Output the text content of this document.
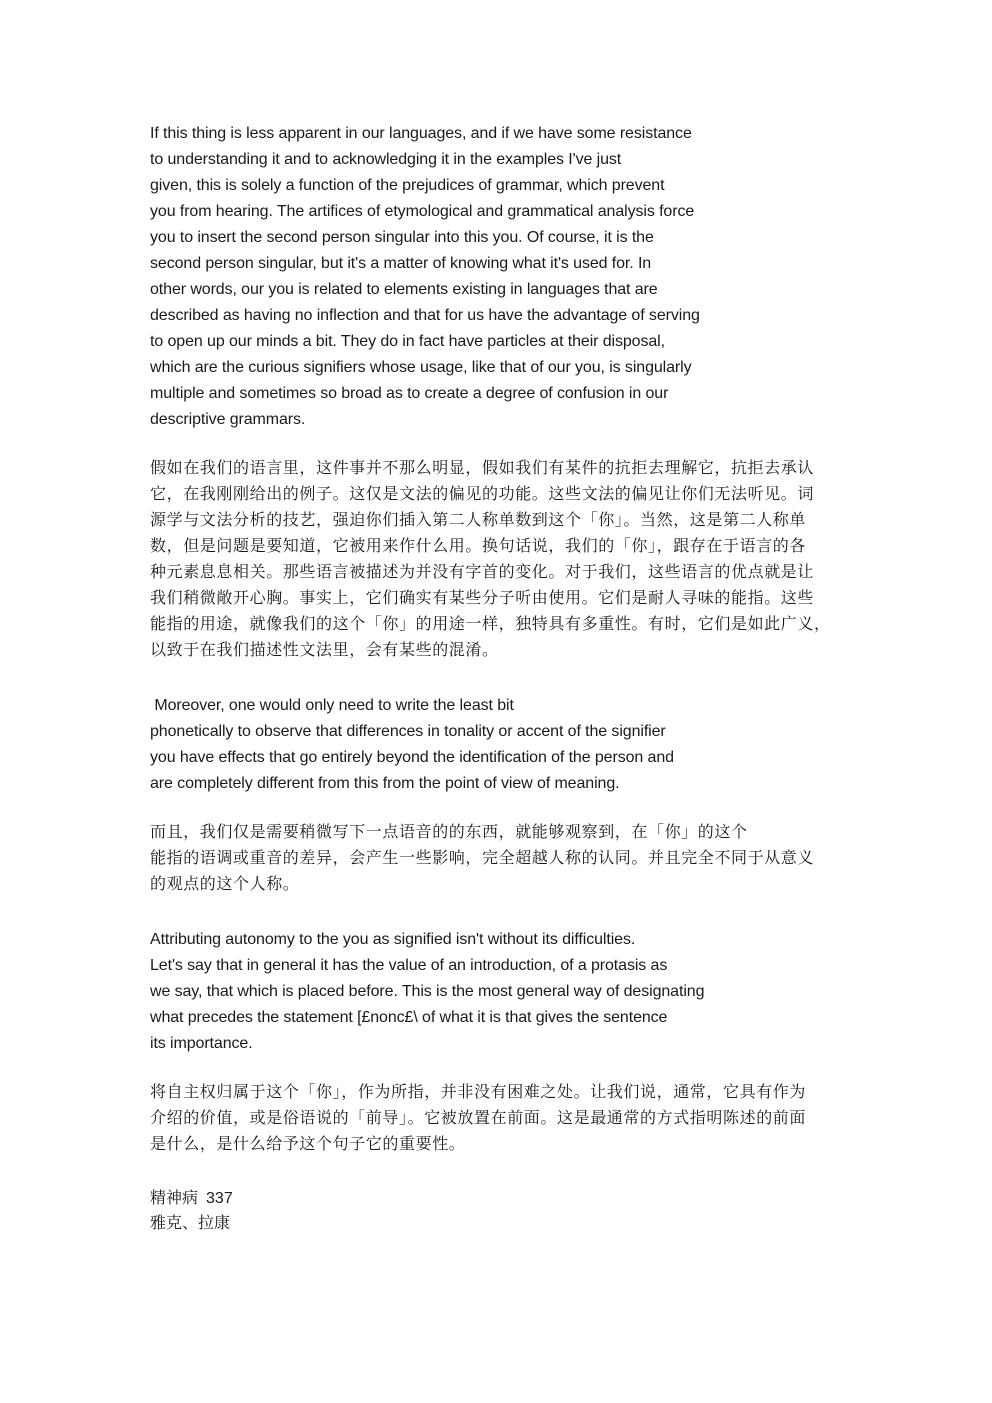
If this thing is less apparent in our languages, and if we have some resistance
to understanding it and to acknowledging it in the examples I've just
given, this is solely a function of the prejudices of grammar, which prevent
you from hearing. The artifices of etymological and grammatical analysis force
you to insert the second person singular into this you. Of course, it is the
second person singular, but it's a matter of knowing what it's used for. In
other words, our you is related to elements existing in languages that are
described as having no inflection and that for us have the advantage of serving
to open up our minds a bit. They do in fact have particles at their disposal,
which are the curious signifiers whose usage, like that of our you, is singularly
multiple and sometimes so broad as to create a degree of confusion in our
descriptive grammars.
假如在我们的语言里，这件事并不那么明显，假如我们有某件的抗拒去理解它，抗拒去承认
它，在我刚刚给出的例子。这仅是文法的偏见的功能。这些文法的偏见让你们无法听见。词
源学与文法分析的技艺，强迫你们插入第二人称单数到这个「你」。当然，这是第二人称单
数，但是问题是要知道，它被用来作什么用。换句话说，我们的「你」，跟存在于语言的各
种元素息息相关。那些语言被描述为并没有字首的变化。对于我们，这些语言的优点就是让
我们稍微敞开心胸。事实上，它们确实有某些分子听由使用。它们是耐人寻味的能指。这些
能指的用途，就像我们的这个「你」的用途一样，独特具有多重性。有时，它们是如此广义，
以致于在我们描述性文法里，会有某些的混淆。
Moreover, one would only need to write the least bit
phonetically to observe that differences in tonality or accent of the signifier
you have effects that go entirely beyond the identification of the person and
are completely different from this from the point of view of meaning.
而且，我们仅是需要稍微写下一点语音的的东西，就能够观察到，在「你」的这个
能指的语调或重音的差异，会产生一些影响，完全超越人称的认同。并且完全不同于从意义
的观点的这个人称。
Attributing autonomy to the you as signified isn't without its difficulties.
Let's say that in general it has the value of an introduction, of a protasis as
we say, that which is placed before. This is the most general way of designating
what precedes the statement [£nonc£\ of what it is that gives the sentence
its importance.
将自主权归属于这个「你」，作为所指，并非没有困难之处。让我们说，通常，它具有作为
介绍的价值，或是俗语说的「前导」。它被放置在前面。这是最通常的方式指明陈述的前面
是什么，是什么给予这个句子它的重要性。
精神病 337
雅克、拉康
